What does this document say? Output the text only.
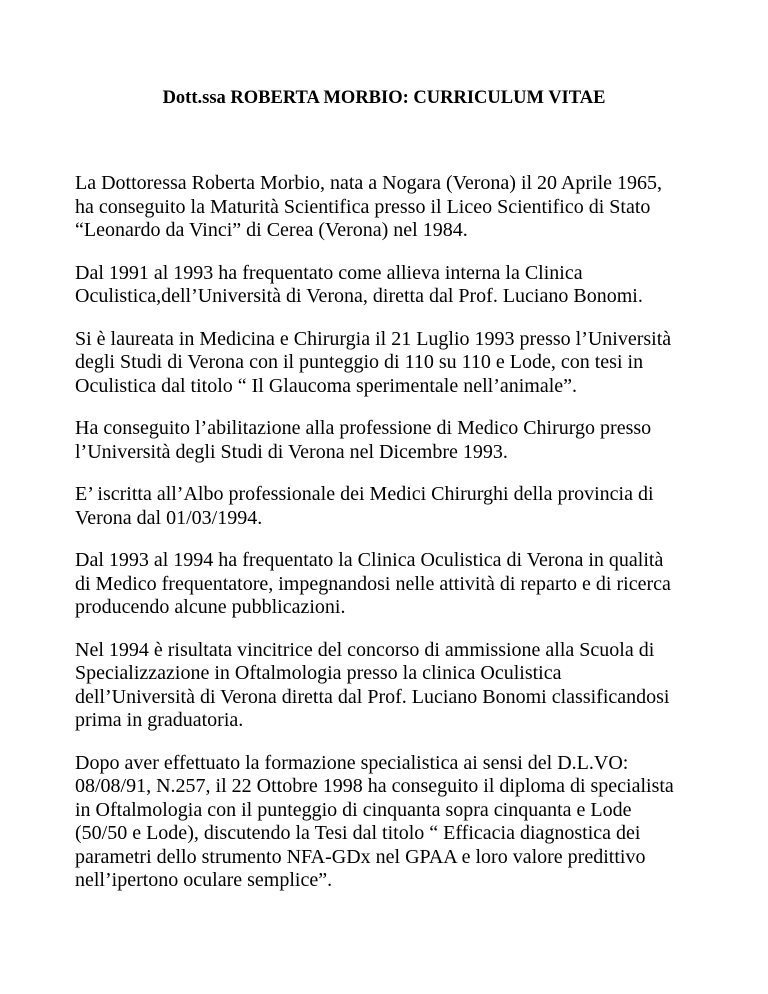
Dott.ssa ROBERTA MORBIO: CURRICULUM VITAE

La Dottoressa Roberta Morbio, nata a Nogara (Verona) il 20 Aprile 1965,
ha conseguito la Maturità Scientifica presso il Liceo Scientifico di Stato
“Leonardo da Vinci” di Cerea (Verona) nel 1984.

Dal 1991 al 1993 ha frequentato come allieva interna la Clinica
Oculistica,dell’Università di Verona, diretta dal Prof. Luciano Bonomi.

Si è laureata in Medicina e Chirurgia il 21 Luglio 1993 presso l’Università
degli Studi di Verona con il punteggio di 110 su 110 e Lode, con tesi in
Oculistica dal titolo “ Il Glaucoma sperimentale nell’animale”.

Ha conseguito l’abilitazione alla professione di Medico Chirurgo presso
l’Università degli Studi di Verona nel Dicembre 1993.

E’ iscritta all’Albo professionale dei Medici Chirurghi della provincia di
Verona dal 01/03/1994.

Dal 1993 al 1994 ha frequentato la Clinica Oculistica di Verona in qualità
di Medico frequentatore, impegnandosi nelle attività di reparto e di ricerca
producendo alcune pubblicazioni.

Nel 1994 è risultata vincitrice del concorso di ammissione alla Scuola di
Specializzazione in Oftalmologia presso la clinica Oculistica
dell’Università di Verona diretta dal Prof. Luciano Bonomi classificandosi
prima in graduatoria.

Dopo aver effettuato la formazione specialistica ai sensi del D.L.VO:
08/08/91, N.257, il 22 Ottobre 1998 ha conseguito il diploma di specialista
in Oftalmologia con il punteggio di cinquanta sopra cinquanta e Lode
(50/50 e Lode), discutendo la Tesi dal titolo “ Efficacia diagnostica dei
parametri dello strumento NFA-GDx nel GPAA e loro valore predittivo
nell’ipertono oculare semplice”.
